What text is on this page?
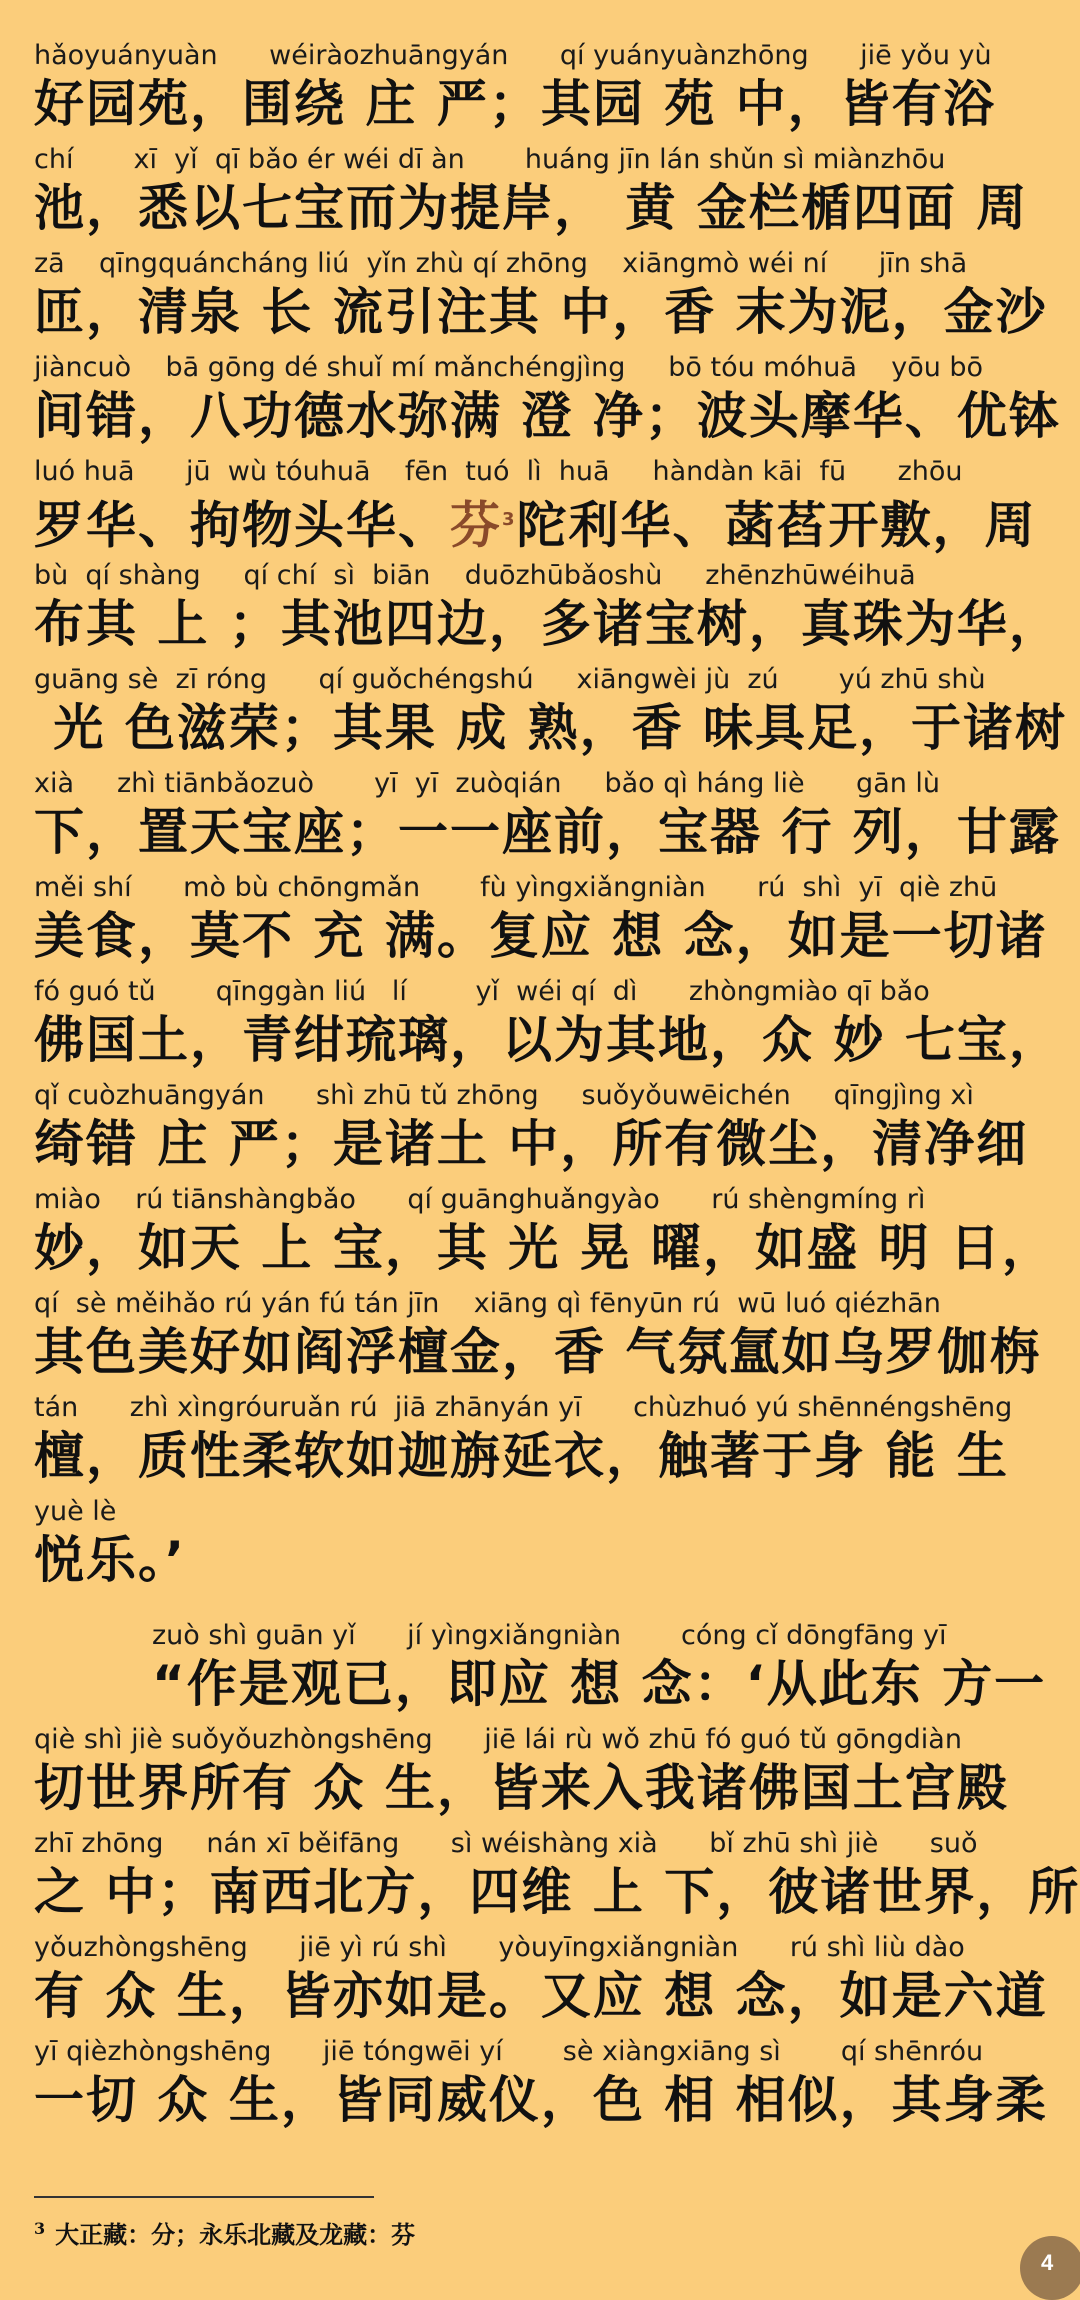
hǎoyuányuàn      wéiràozhuāngyán      qí yuányuànzhōng      jiē yǒu yù
好园苑，围绕 庄 严；其园 苑 中，皆有浴
chí       xī  yǐ  qī bǎo ér wéi dī àn       huáng jīn lán shǔn sì miànzhōu
池，悉以七宝而为提岸， 黄 金栏楯四面 周
zā    qīngquáncháng liú  yǐn zhù qí zhōng    xiāngmò wéi ní      jīn shā
匝，清泉 长 流引注其 中，香 末为泥，金沙
jiàncuò    bā gōng dé shuǐ mí mǎnchéngjìng     bō tóu móhuā    yōu bō
间错，八功德水弥满 澄 净；波头摩华、优钵
luó huā      jū  wù tóuhuā    fēn  tuó  lì  huā     hàndàn kāi  fū      zhōu
罗华、拘物头华、芬$^3$陀利华、菡萏开敷，周
bù  qí shàng     qí chí  sì  biān    duōzhūbǎoshù     zhēnzhūwéihuā
布其 上 ；其池四边，多诸宝树，真珠为华，
guāng sè  zī róng      qí guǒchéngshú     xiāngwèi jù  zú       yú zhū shù
光 色滋荣；其果 成 熟，香 味具足，于诸树
xià     zhì tiānbǎozuò       yī  yī  zuòqián     bǎo qì háng liè      gān lù
下，置天宝座；一一座前，宝器 行 列，甘露
měi shí      mò bù chōngmǎn       fù yìngxiǎngniàn      rú  shì  yī  qiè zhū
美食，莫不 充 满。复应 想 念，如是一切诸
fó guó tǔ       qīnggàn liú   lí        yǐ  wéi qí  dì      zhòngmiào qī bǎo
佛国土，青绀琉璃，以为其地，众 妙 七宝，
qǐ cuòzhuāngyán      shì zhū tǔ zhōng     suǒyǒuwēichén     qīngjìng xì
绮错 庄 严；是诸土 中，所有微尘，清净细
miào    rú tiānshàngbǎo      qí guānghuǎngyào      rú shèngmíng rì
妙，如天 上 宝，其 光 晃 曜，如盛 明 日，
qí  sè měihǎo rú yán fú tán jīn    xiāng qì fēnyūn rú  wū luó qiézhān
其色美好如阎浮檀金，香 气氛氲如乌罗伽栴
tán      zhì xìngróuruǎn rú  jiā zhānyán yī      chùzhuó yú shēnnéngshēng
檀，质性柔软如迦旃延衣，触著于身 能 生
yuè lè
悦乐。’
zuò shì guān yǐ      jí yìngxiǎngniàn       cóng cǐ dōngfāng yī
“作是观已，即应 想 念：‘从此东 方一
qiè shì jiè suǒyǒuzhòngshēng      jiē lái rù wǒ zhū fó guó tǔ gōngdiàn
切世界所有 众 生，皆来入我诸佛国土宫殿
zhī zhōng     nán xī běifāng      sì wéishàng xià      bǐ zhū shì jiè      suǒ
之 中；南西北方，四维 上 下，彼诸世界，所
yǒuzhòngshēng      jiē yì rú shì      yòuyīngxiǎngniàn      rú shì liù dào
有 众 生，皆亦如是。又应 想 念，如是六道
yī qièzhòngshēng      jiē tóngwēi yí       sè xiàngxiāng sì       qí shēnróu
一切 众 生，皆同威仪，色 相 相似，其身柔
$^3$ 大正藏：分；永乐北藏及龙藏：芬
4
